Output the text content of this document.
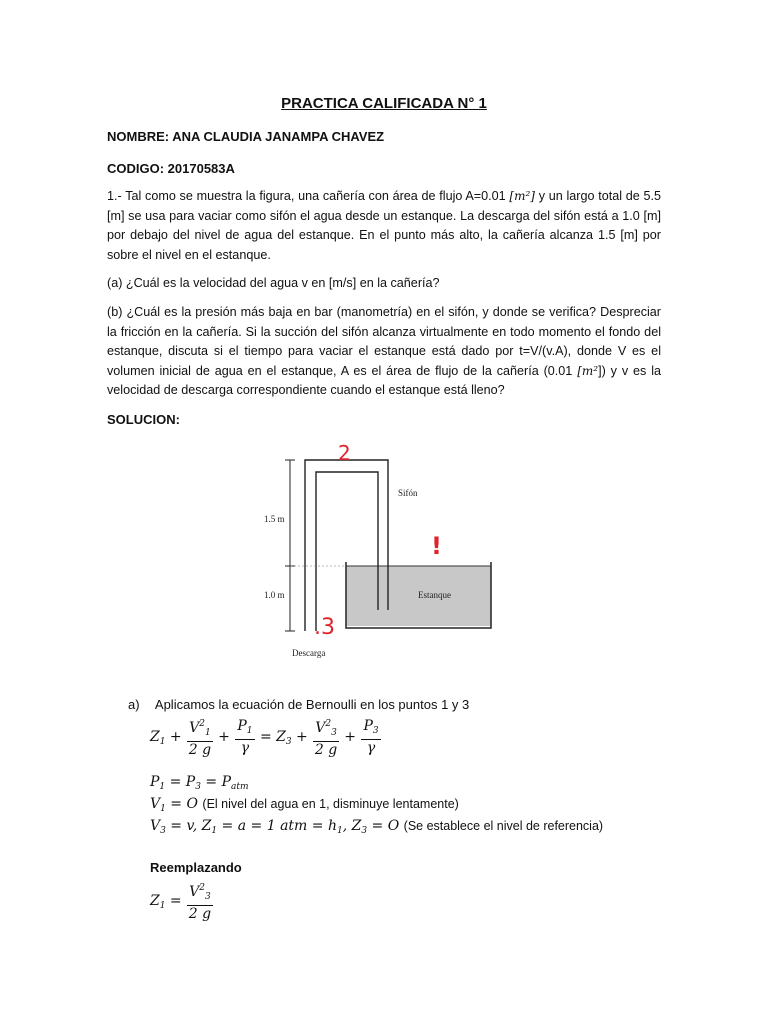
PRACTICA CALIFICADA N° 1
NOMBRE: ANA CLAUDIA JANAMPA CHAVEZ
CODIGO: 20170583A
1.- Tal como se muestra la figura, una cañería con área de flujo A=0.01 [m²] y un largo total de 5.5 [m] se usa para vaciar como sifón el agua desde un estanque. La descarga del sifón está a 1.0 [m] por debajo del nivel de agua del estanque. En el punto más alto, la cañería alcanza 1.5 [m] por sobre el nivel en el estanque.
(a) ¿Cuál es la velocidad del agua v en [m/s] en la cañería?
(b) ¿Cuál es la presión más baja en bar (manometría) en el sifón, y donde se verifica? Despreciar la fricción en la cañería. Si la succión del sifón alcanza virtualmente en todo momento el fondo del estanque, discuta si el tiempo para vaciar el estanque está dado por t=V/(v.A), donde V es el volumen inicial de agua en el estanque, A es el área de flujo de la cañería (0.01 [m²]) y v es la velocidad de descarga correspondiente cuando el estanque está lleno?
SOLUCION:
1.5 m
1.0 m
Sifón
Estanque
Descarga
2
!
.3
a) Aplicamos la ecuación de Bernoulli en los puntos 1 y 3
$Z_1 + \frac{V^2_1}{2 g} + \frac{P_1}{\gamma} = Z_3 + \frac{V^2_3}{2 g} + \frac{P_3}{\gamma}$
$P_1 = P_3 = P_{atm}$
$V_1 = O$ (El nivel del agua en 1, disminuye lentamente)
$V_3 = v$, $Z_1 = a = 1$ atm = $h_1$, $Z_3 = O$ (Se establece el nivel de referencia)
Reemplazando
$Z_1 = \frac{V^2_3}{2 g}$
